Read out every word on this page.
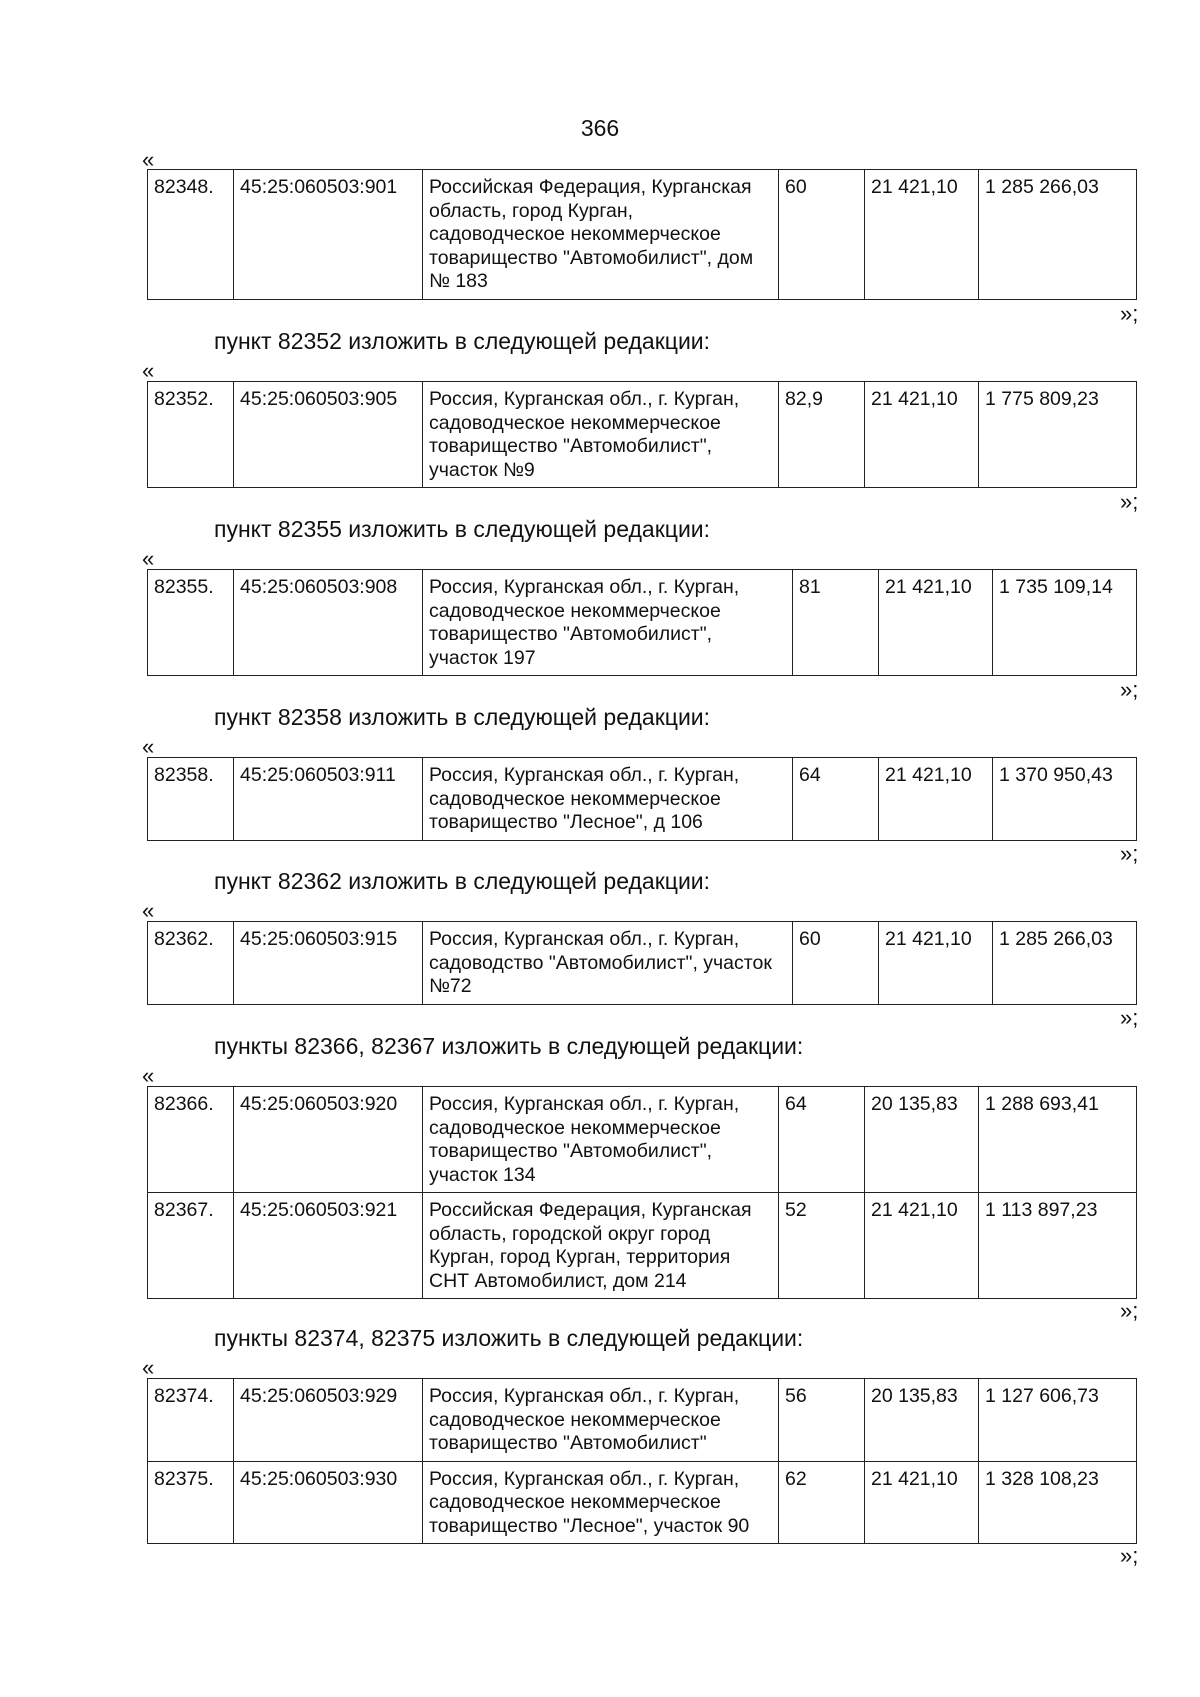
366
«
82348.	45:25:060503:901	Российская Федерация, Курганская
область, город Курган,
садоводческое некоммерческое
товарищество "Автомобилист", дом
№ 183	60	21 421,10	1 285 266,03
»;
пункт 82352 изложить в следующей редакции:
«
82352.	45:25:060503:905	Россия, Курганская обл., г. Курган,
садоводческое некоммерческое
товарищество "Автомобилист",
участок №9	82,9	21 421,10	1 775 809,23
»;
пункт 82355 изложить в следующей редакции:
«
82355.	45:25:060503:908	Россия, Курганская обл., г. Курган,
садоводческое некоммерческое
товарищество "Автомобилист",
участок 197	81	21 421,10	1 735 109,14
»;
пункт 82358 изложить в следующей редакции:
«
82358.	45:25:060503:911	Россия, Курганская обл., г. Курган,
садоводческое некоммерческое
товарищество "Лесное", д 106	64	21 421,10	1 370 950,43
»;
пункт 82362 изложить в следующей редакции:
«
82362.	45:25:060503:915	Россия, Курганская обл., г. Курган,
садоводство "Автомобилист", участок
№72	60	21 421,10	1 285 266,03
»;
пункты 82366, 82367 изложить в следующей редакции:
«
82366.	45:25:060503:920	Россия, Курганская обл., г. Курган,
садоводческое некоммерческое
товарищество "Автомобилист",
участок 134	64	20 135,83	1 288 693,41
82367.	45:25:060503:921	Российская Федерация, Курганская
область, городской округ город
Курган, город Курган, территория
СНТ Автомобилист, дом 214	52	21 421,10	1 113 897,23
»;
пункты 82374, 82375 изложить в следующей редакции:
«
82374.	45:25:060503:929	Россия, Курганская обл., г. Курган,
садоводческое некоммерческое
товарищество "Автомобилист"	56	20 135,83	1 127 606,73
82375.	45:25:060503:930	Россия, Курганская обл., г. Курган,
садоводческое некоммерческое
товарищество "Лесное", участок 90	62	21 421,10	1 328 108,23
»;
